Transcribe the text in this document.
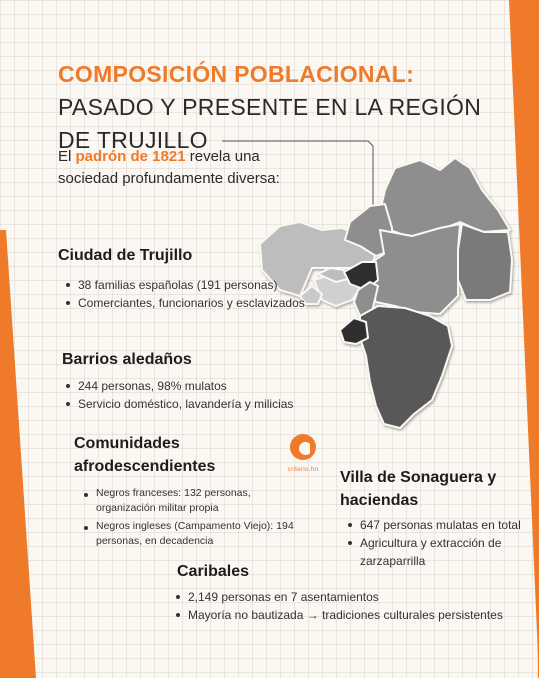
COMPOSICIÓN POBLACIONAL: PASADO Y PRESENTE EN LA REGIÓN DE TRUJILLO
El padrón de 1821 revela una sociedad profundamente diversa:
Ciudad de Trujillo
38 familias españolas (191 personas)
Comerciantes, funcionarios y esclavizados
Barrios aledaños
244 personas, 98% mulatos
Servicio doméstico, lavandería y milicias
Comunidades afrodescendientes
Negros franceses: 132 personas, organización militar propia
Negros ingleses (Campamento Viejo): 194 personas, en decadencia
criterio.hn	Villa de Sonaguera y haciendas
647 personas mulatas en total
Agricultura y extracción de zarzaparrilla
Caribales
2,149 personas en 7 asentamientos
Mayoría no bautizada → tradiciones culturales persistentes
